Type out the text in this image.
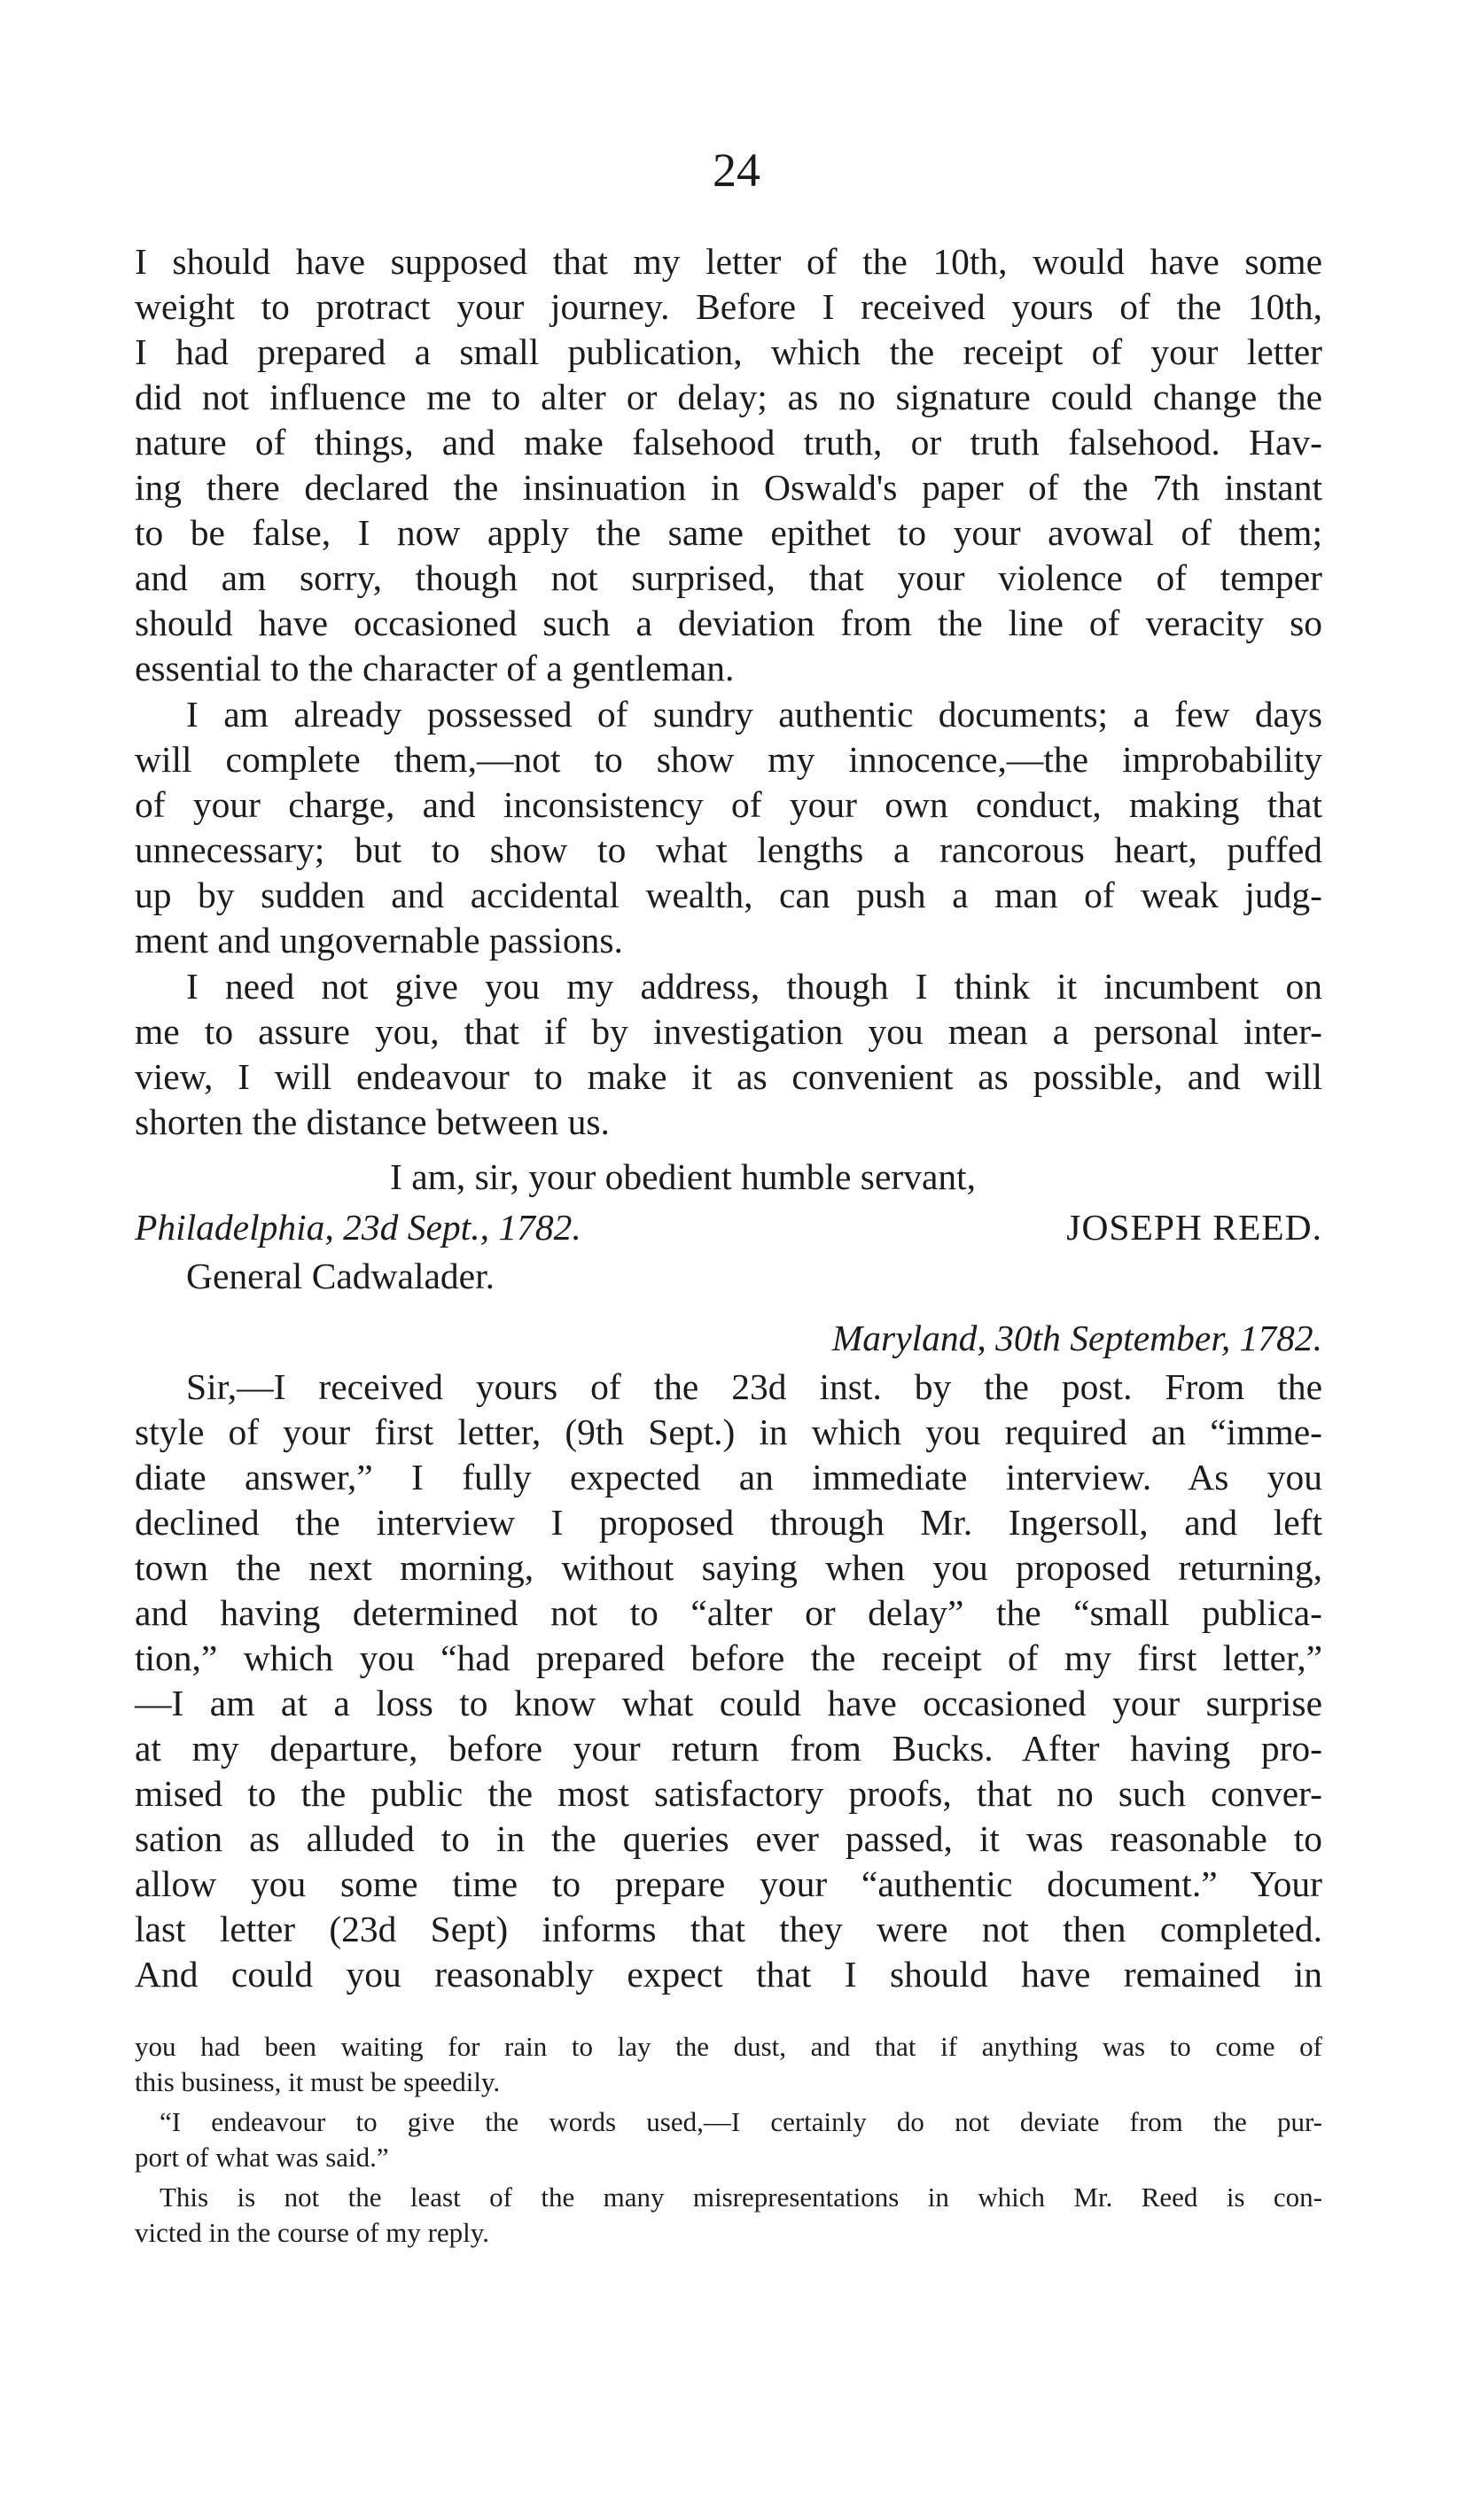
24
I should have supposed that my letter of the 10th, would have some
weight to protract your journey. Before I received yours of the 10th,
I had prepared a small publication, which the receipt of your letter
did not influence me to alter or delay; as no signature could change the
nature of things, and make falsehood truth, or truth falsehood. Hav-
ing there declared the insinuation in Oswald's paper of the 7th instant
to be false, I now apply the same epithet to your avowal of them;
and am sorry, though not surprised, that your violence of temper
should have occasioned such a deviation from the line of veracity so
essential to the character of a gentleman.
I am already possessed of sundry authentic documents; a few days
will complete them,—not to show my innocence,—the improbability
of your charge, and inconsistency of your own conduct, making that
unnecessary; but to show to what lengths a rancorous heart, puffed
up by sudden and accidental wealth, can push a man of weak judg-
ment and ungovernable passions.
I need not give you my address, though I think it incumbent on
me to assure you, that if by investigation you mean a personal inter-
view, I will endeavour to make it as convenient as possible, and will
shorten the distance between us.
I am, sir, your obedient humble servant,
Philadelphia, 23d Sept., 1782.	JOSEPH REED.
General Cadwalader.
Maryland, 30th September, 1782.
Sir,—I received yours of the 23d inst. by the post. From the
style of your first letter, (9th Sept.) in which you required an “imme-
diate answer,” I fully expected an immediate interview. As you
declined the interview I proposed through Mr. Ingersoll, and left
town the next morning, without saying when you proposed returning,
and having determined not to “alter or delay” the “small publica-
tion,” which you “had prepared before the receipt of my first letter,”
—I am at a loss to know what could have occasioned your surprise
at my departure, before your return from Bucks. After having pro-
mised to the public the most satisfactory proofs, that no such conver-
sation as alluded to in the queries ever passed, it was reasonable to
allow you some time to prepare your “authentic document.” Your
last letter (23d Sept) informs that they were not then completed.
And could you reasonably expect that I should have remained in
you had been waiting for rain to lay the dust, and that if anything was to come of
this business, it must be speedily.
“I endeavour to give the words used,—I certainly do not deviate from the pur-
port of what was said.”
This is not the least of the many misrepresentations in which Mr. Reed is con-
victed in the course of my reply.
